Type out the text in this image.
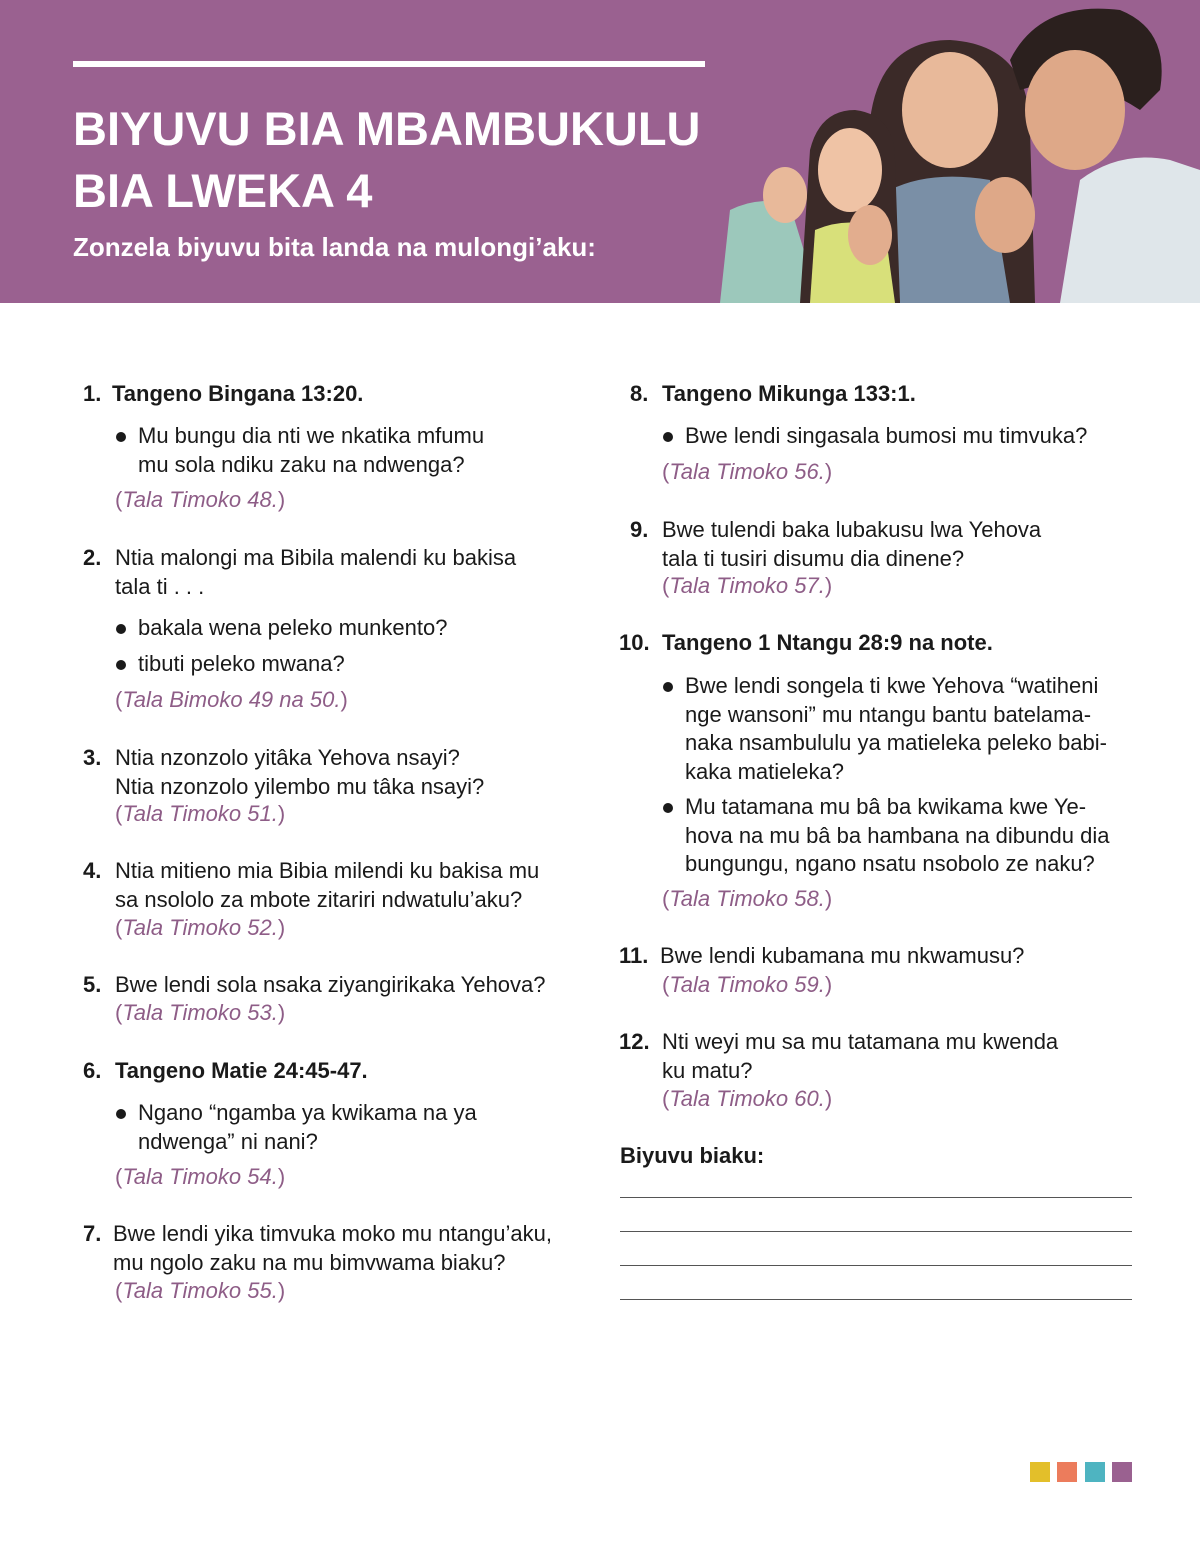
BIYUVU BIA MBAMBUKULU
BIA LWEKA 4
Zonzela biyuvu bita landa na mulongi’aku:
1. Tangeno Bingana 13:20.
Mu bungu dia nti we nkatika mfumu
mu sola ndiku zaku na ndwenga?
(Tala Timoko 48.)
2. Ntia malongi ma Bibila malendi ku bakisa
tala ti . . .
bakala wena peleko munkento?
tibuti peleko mwana?
(Tala Bimoko 49 na 50.)
3. Ntia nzonzolo yitâka Yehova nsayi?
Ntia nzonzolo yilembo mu tâka nsayi?
(Tala Timoko 51.)
4. Ntia mitieno mia Bibia milendi ku bakisa mu
sa nsololo za mbote zitariri ndwatulu’aku?
(Tala Timoko 52.)
5. Bwe lendi sola nsaka ziyangirikaka Yehova?
(Tala Timoko 53.)
6. Tangeno Matie 24:45-47.
Ngano “ngamba ya kwikama na ya
ndwenga” ni nani?
(Tala Timoko 54.)
7. Bwe lendi yika timvuka moko mu ntangu’aku,
mu ngolo zaku na mu bimvwama biaku?
(Tala Timoko 55.)
8. Tangeno Mikunga 133:1.
Bwe lendi singasala bumosi mu timvuka?
(Tala Timoko 56.)
9. Bwe tulendi baka lubakusu lwa Yehova
tala ti tusiri disumu dia dinene?
(Tala Timoko 57.)
10. Tangeno 1 Ntangu 28:9 na note.
Bwe lendi songela ti kwe Yehova “watiheni
nge wansoni” mu ntangu bantu batelama-
naka nsambululu ya matieleka peleko babi-
kaka matieleka?
Mu tatamana mu bâ ba kwikama kwe Ye-
hova na mu bâ ba hambana na dibundu dia
bungungu, ngano nsatu nsobolo ze naku?
(Tala Timoko 58.)
11. Bwe lendi kubamana mu nkwamusu?
(Tala Timoko 59.)
12. Nti weyi mu sa mu tatamana mu kwenda
ku matu?
(Tala Timoko 60.)
Biyuvu biaku:
